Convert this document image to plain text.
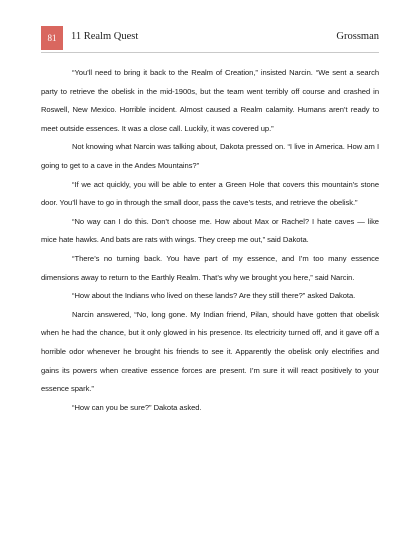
81	11 Realm Quest	Grossman

“You’ll need to bring it back to the Realm of Creation,” insisted Narcin. “We sent a search party to retrieve the obelisk in the mid-1900s, but the team went terribly off course and crashed in Roswell, New Mexico. Horrible incident. Almost caused a Realm calamity. Humans aren’t ready to meet outside essences. It was a close call. Luckily, it was covered up.”

Not knowing what Narcin was talking about, Dakota pressed on. “I live in America. How am I going to get to a cave in the Andes Mountains?”

“If we act quickly, you will be able to enter a Green Hole that covers this mountain’s stone door. You’ll have to go in through the small door, pass the cave’s tests, and retrieve the obelisk.”

“No way can I do this. Don’t choose me. How about Max or Rachel? I hate caves — like mice hate hawks. And bats are rats with wings. They creep me out,” said Dakota.

“There’s no turning back. You have part of my essence, and I’m too many essence dimensions away to return to the Earthly Realm. That’s why we brought you here,” said Narcin.

“How about the Indians who lived on these lands? Are they still there?” asked Dakota.

Narcin answered, “No, long gone. My Indian friend, Pilan, should have gotten that obelisk when he had the chance, but it only glowed in his presence. Its electricity turned off, and it gave off a horrible odor whenever he brought his friends to see it. Apparently the obelisk only electrifies and gains its powers when creative essence forces are present. I’m sure it will react positively to your essence spark.”

“How can you be sure?” Dakota asked.
